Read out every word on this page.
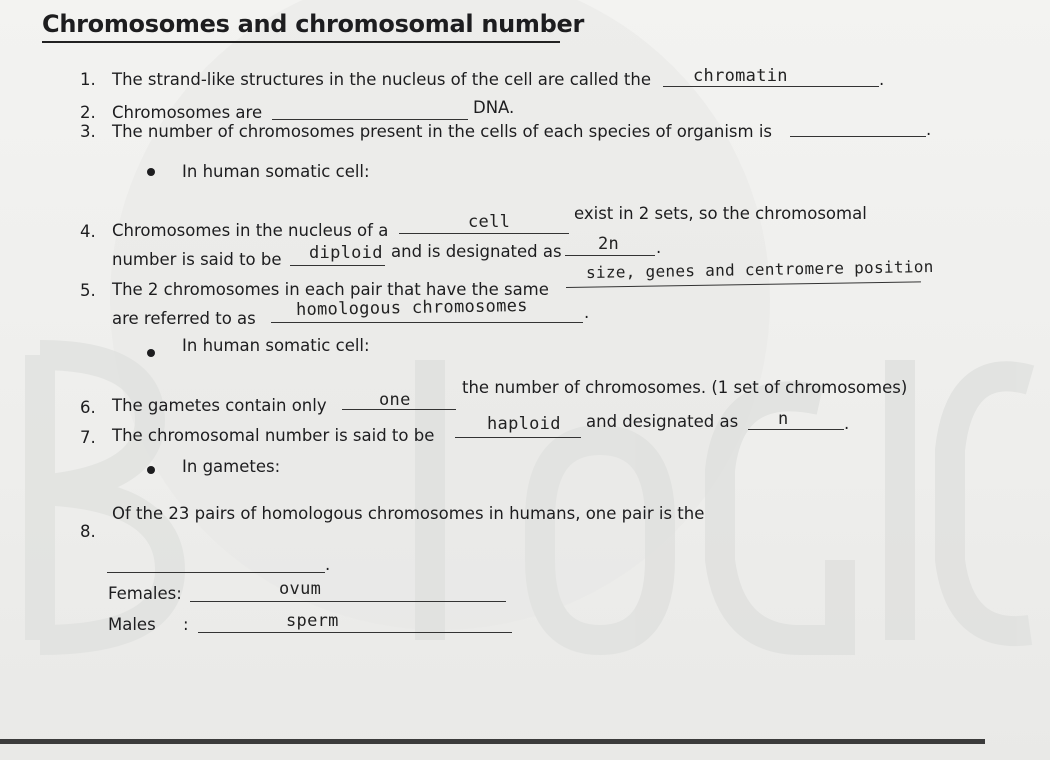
Chromosomes and chromosomal number
1. The strand-like structures in the nucleus of the cell are called the chromatin	.
2. Chromosomes are	DNA.
3. The number of chromosomes present in the cells of each species of organism is	.
In human somatic cell:
4. Chromosomes in the nucleus of a	cell	exist in 2 sets, so the chromosomal
number is said to be diploid and is designated as 2n .
5. The 2 chromosomes in each pair that have the same
size, genes and centromere position
are referred to as homologous chromosomes	.
In human somatic cell:
6. The gametes contain only	one
the number of chromosomes. (1 set of chromosomes)
7. The chromosomal number is said to be
haploid and designated as n	.
In gametes:
8.
Of the 23 pairs of homologous chromosomes in humans, one pair is the
.
Females:	ovum
Males :	sperm
